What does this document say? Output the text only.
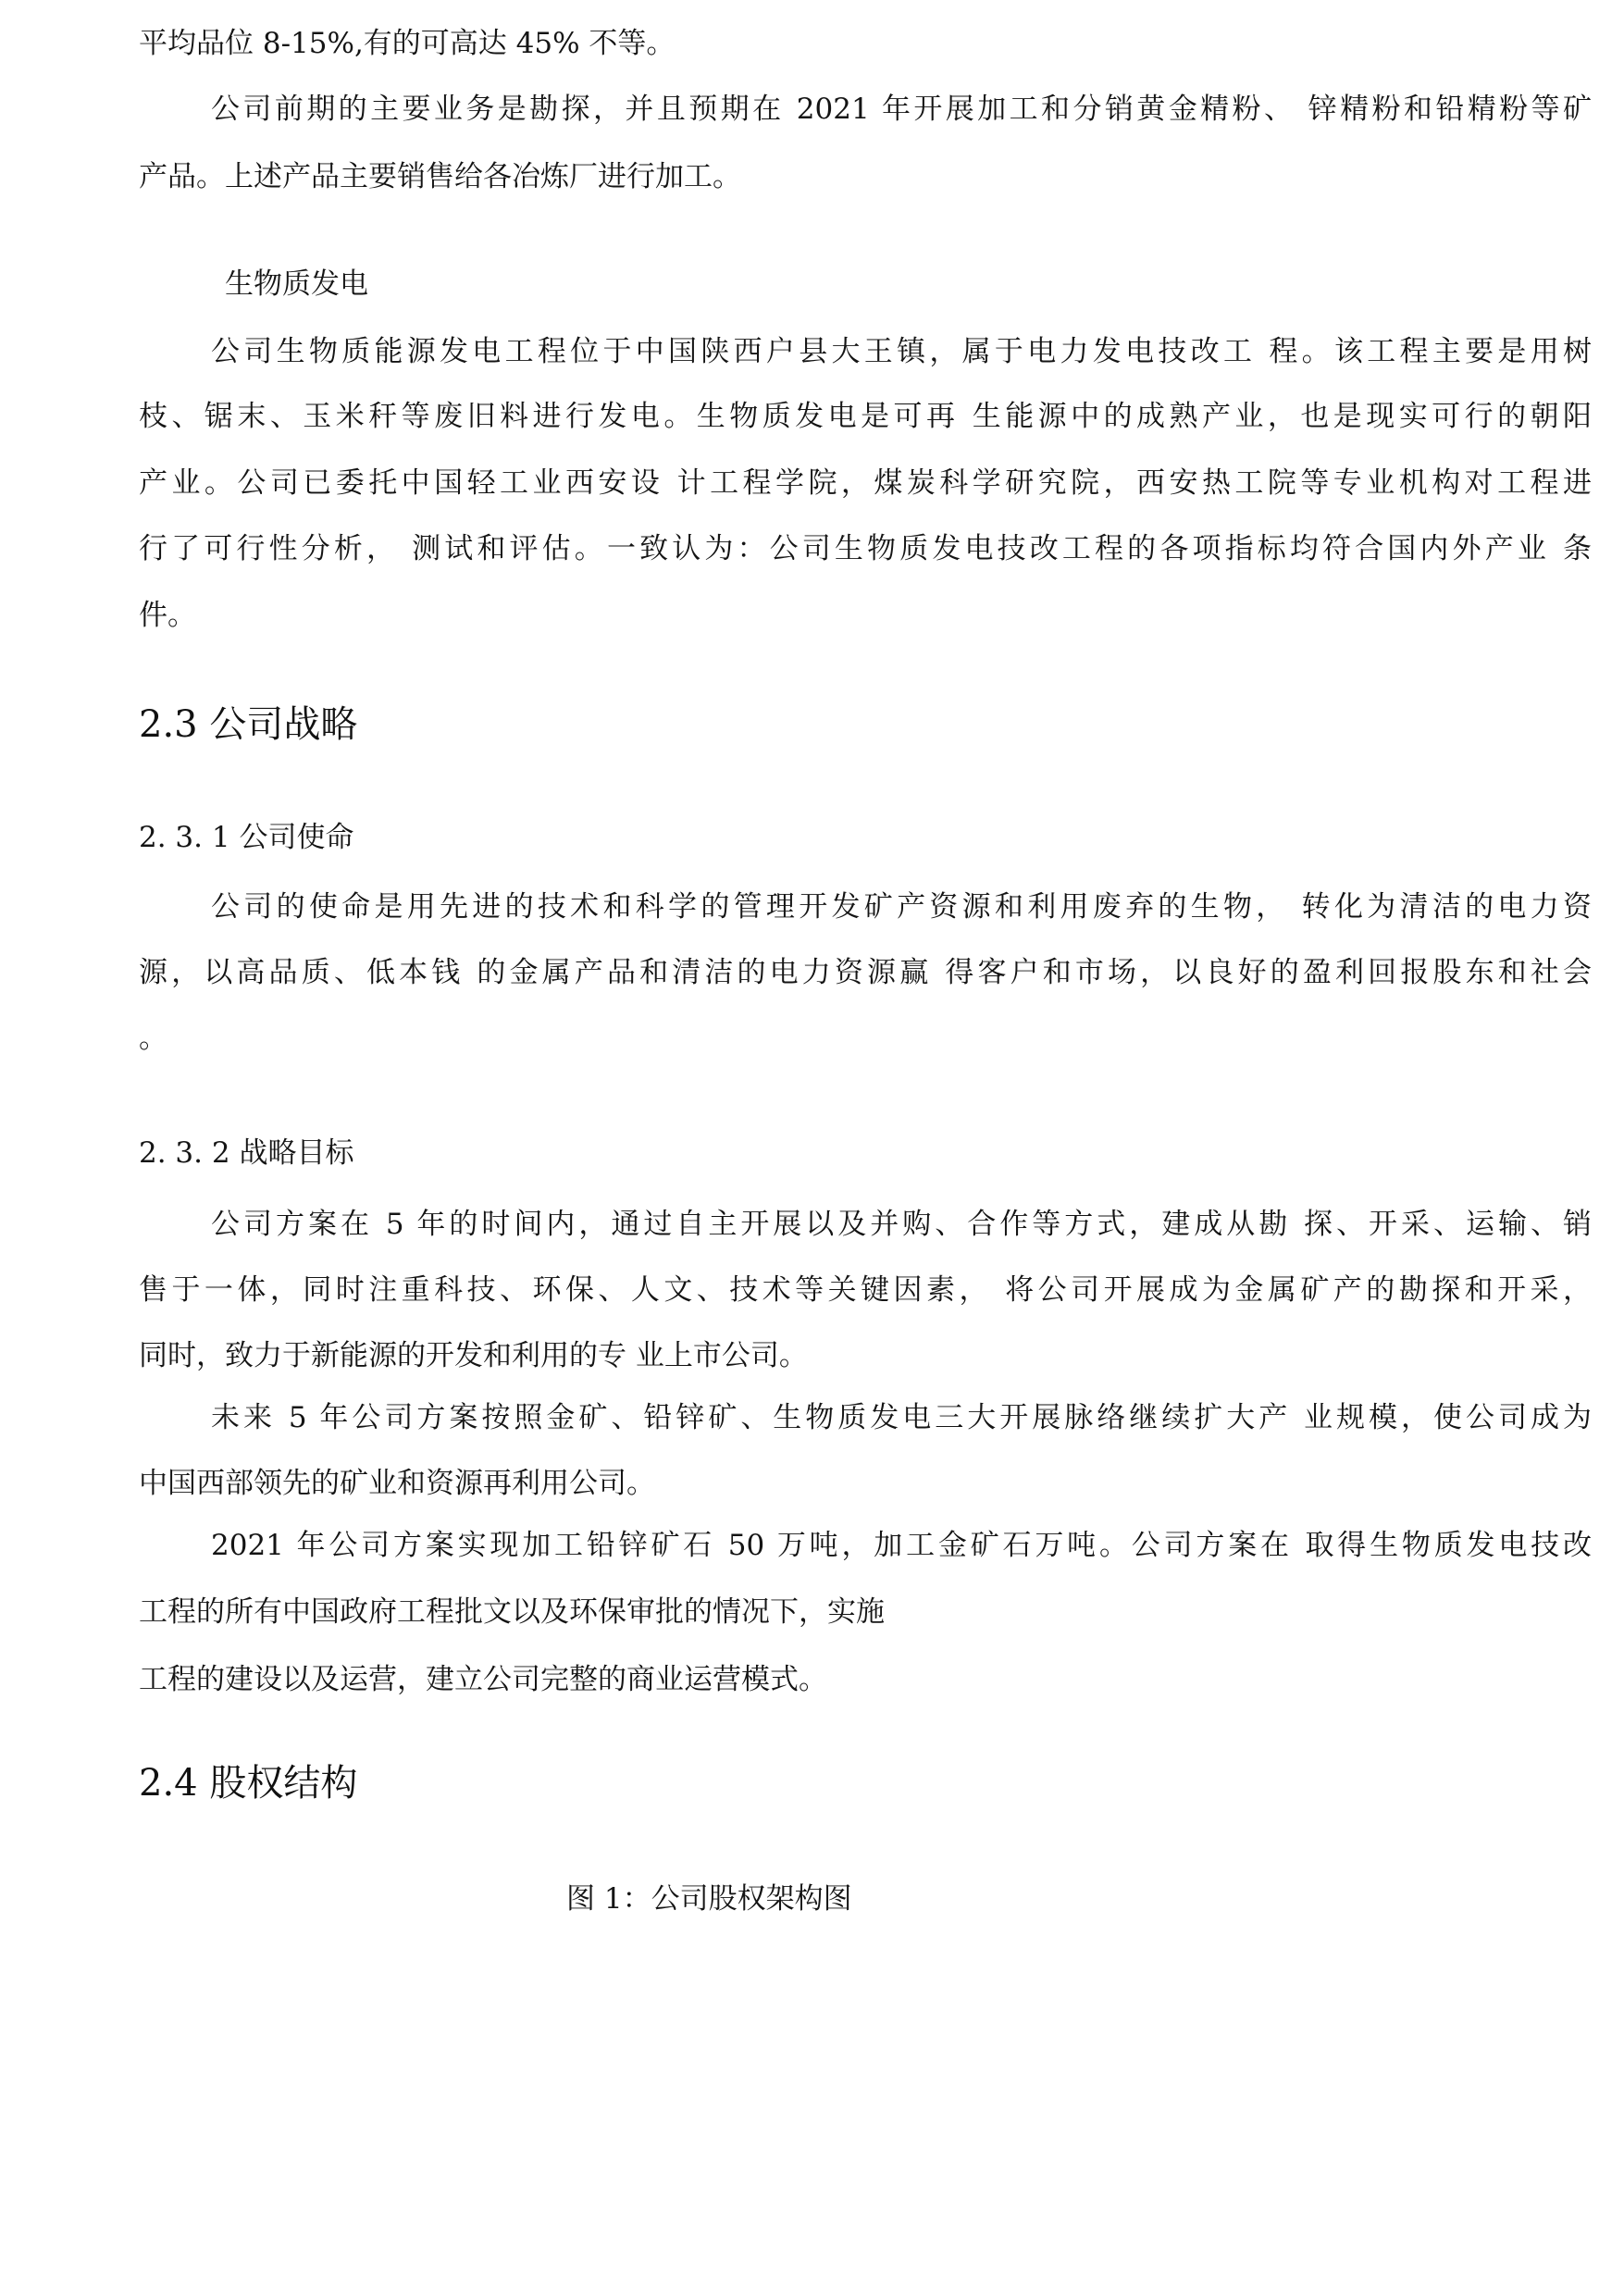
平均品位 8-15%,有的可高达 45% 不等。
公司前期的主要业务是勘探，并且预期在 2021 年开展加工和分销黄金精粉、 锌精粉和铅精粉等矿
产品。上述产品主要销售给各冶炼厂进行加工。
生物质发电
公司生物质能源发电工程位于中国陕西户县大王镇，属于电力发电技改工 程。该工程主要是用树
枝、锯末、玉米秆等废旧料进行发电。生物质发电是可再 生能源中的成熟产业，也是现实可行的朝阳
产业。公司已委托中国轻工业西安设 计工程学院，煤炭科学研究院，西安热工院等专业机构对工程进
行了可行性分析， 测试和评估。一致认为：公司生物质发电技改工程的各项指标均符合国内外产业 条
件。
2.3 公司战略
2. 3. 1 公司使命
公司的使命是用先进的技术和科学的管理开发矿产资源和利用废弃的生物， 转化为清洁的电力资
源，以高品质、低本钱 的金属产品和清洁的电力资源赢 得客户和市场，以良好的盈利回报股东和社会
。
2. 3. 2 战略目标
公司方案在 5 年的时间内，通过自主开展以及并购、合作等方式，建成从勘 探、开采、运输、销
售于一体，同时注重科技、环保、人文、技术等关键因素， 将公司开展成为金属矿产的勘探和开采，
同时，致力于新能源的开发和利用的专 业上市公司。
未来 5 年公司方案按照金矿、铅锌矿、生物质发电三大开展脉络继续扩大产 业规模，使公司成为
中国西部领先的矿业和资源再利用公司。
2021 年公司方案实现加工铅锌矿石 50 万吨，加工金矿石万吨。公司方案在 取得生物质发电技改
工程的所有中国政府工程批文以及环保审批的情况下，实施
工程的建设以及运营，建立公司完整的商业运营模式。
2.4 股权结构
图 1：公司股权架构图
